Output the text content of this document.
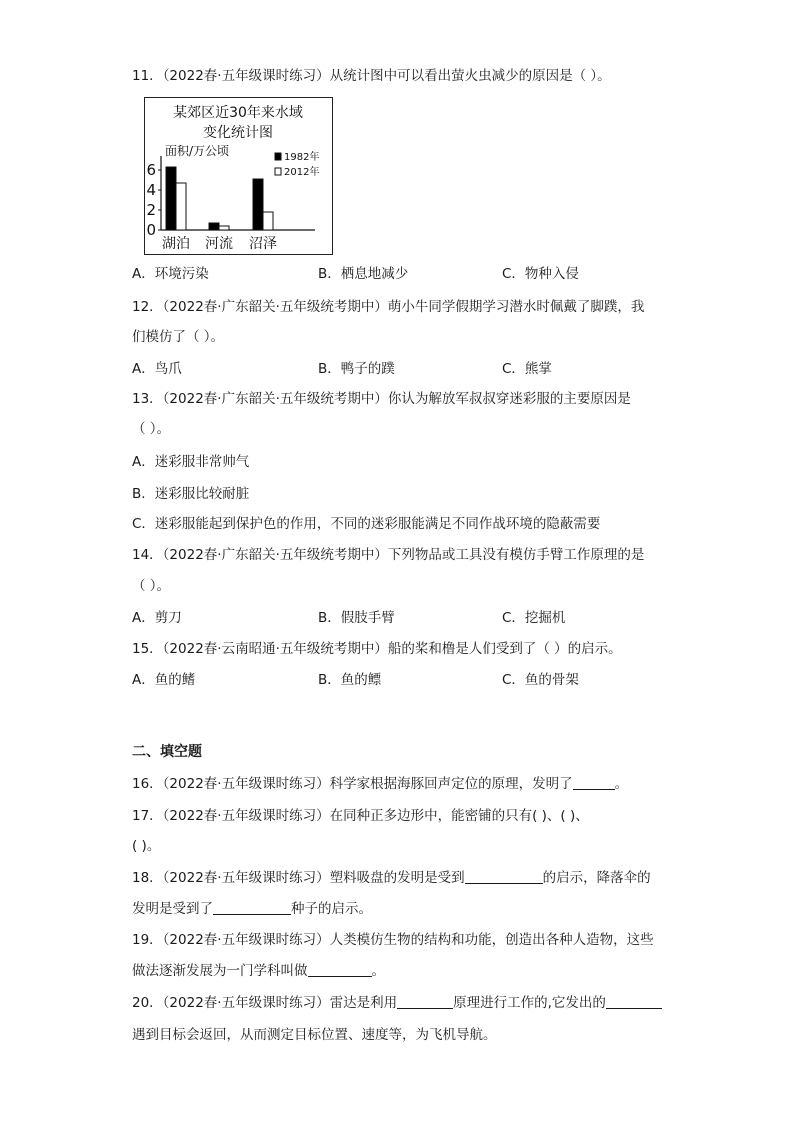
11．（2022春·五年级课时练习）从统计图中可以看出萤火虫减少的原因是（ ）。
某郊区近30年来水域
变化统计图
面积/万公顷
0
2
4
6
湖泊 河流 沼泽
1982年
2012年
A．环境污染	B．栖息地减少	C．物种入侵
12．（2022春·广东韶关·五年级统考期中）萌小牛同学假期学习潜水时佩戴了脚蹼，我
们模仿了（ ）。
A．鸟爪	B．鸭子的蹼	C．熊掌
13．（2022春·广东韶关·五年级统考期中）你认为解放军叔叔穿迷彩服的主要原因是
（ ）。
A．迷彩服非常帅气
B．迷彩服比较耐脏
C．迷彩服能起到保护色的作用，不同的迷彩服能满足不同作战环境的隐蔽需要
14．（2022春·广东韶关·五年级统考期中）下列物品或工具没有模仿手臂工作原理的是
（ ）。
A．剪刀	B．假肢手臂	C．挖掘机
15．（2022春·云南昭通·五年级统考期中）船的桨和橹是人们受到了（ ）的启示。
A．鱼的鳍	B．鱼的鳔	C．鱼的骨架
二、填空题
16．（2022春·五年级课时练习）科学家根据海豚回声定位的原理，发明了	。
17．（2022春·五年级课时练习）在同种正多边形中，能密铺的只有( )、( )、
( )。
18．（2022春·五年级课时练习）塑料吸盘的发明是受到	的启示，降落伞的
发明是受到了	种子的启示。
19．（2022春·五年级课时练习）人类模仿生物的结构和功能，创造出各种人造物，这些
做法逐渐发展为一门学科叫做	。
20．（2022春·五年级课时练习）雷达是利用	原理进行工作的,它发出的
遇到目标会返回，从而测定目标位置、速度等，为飞机导航。
